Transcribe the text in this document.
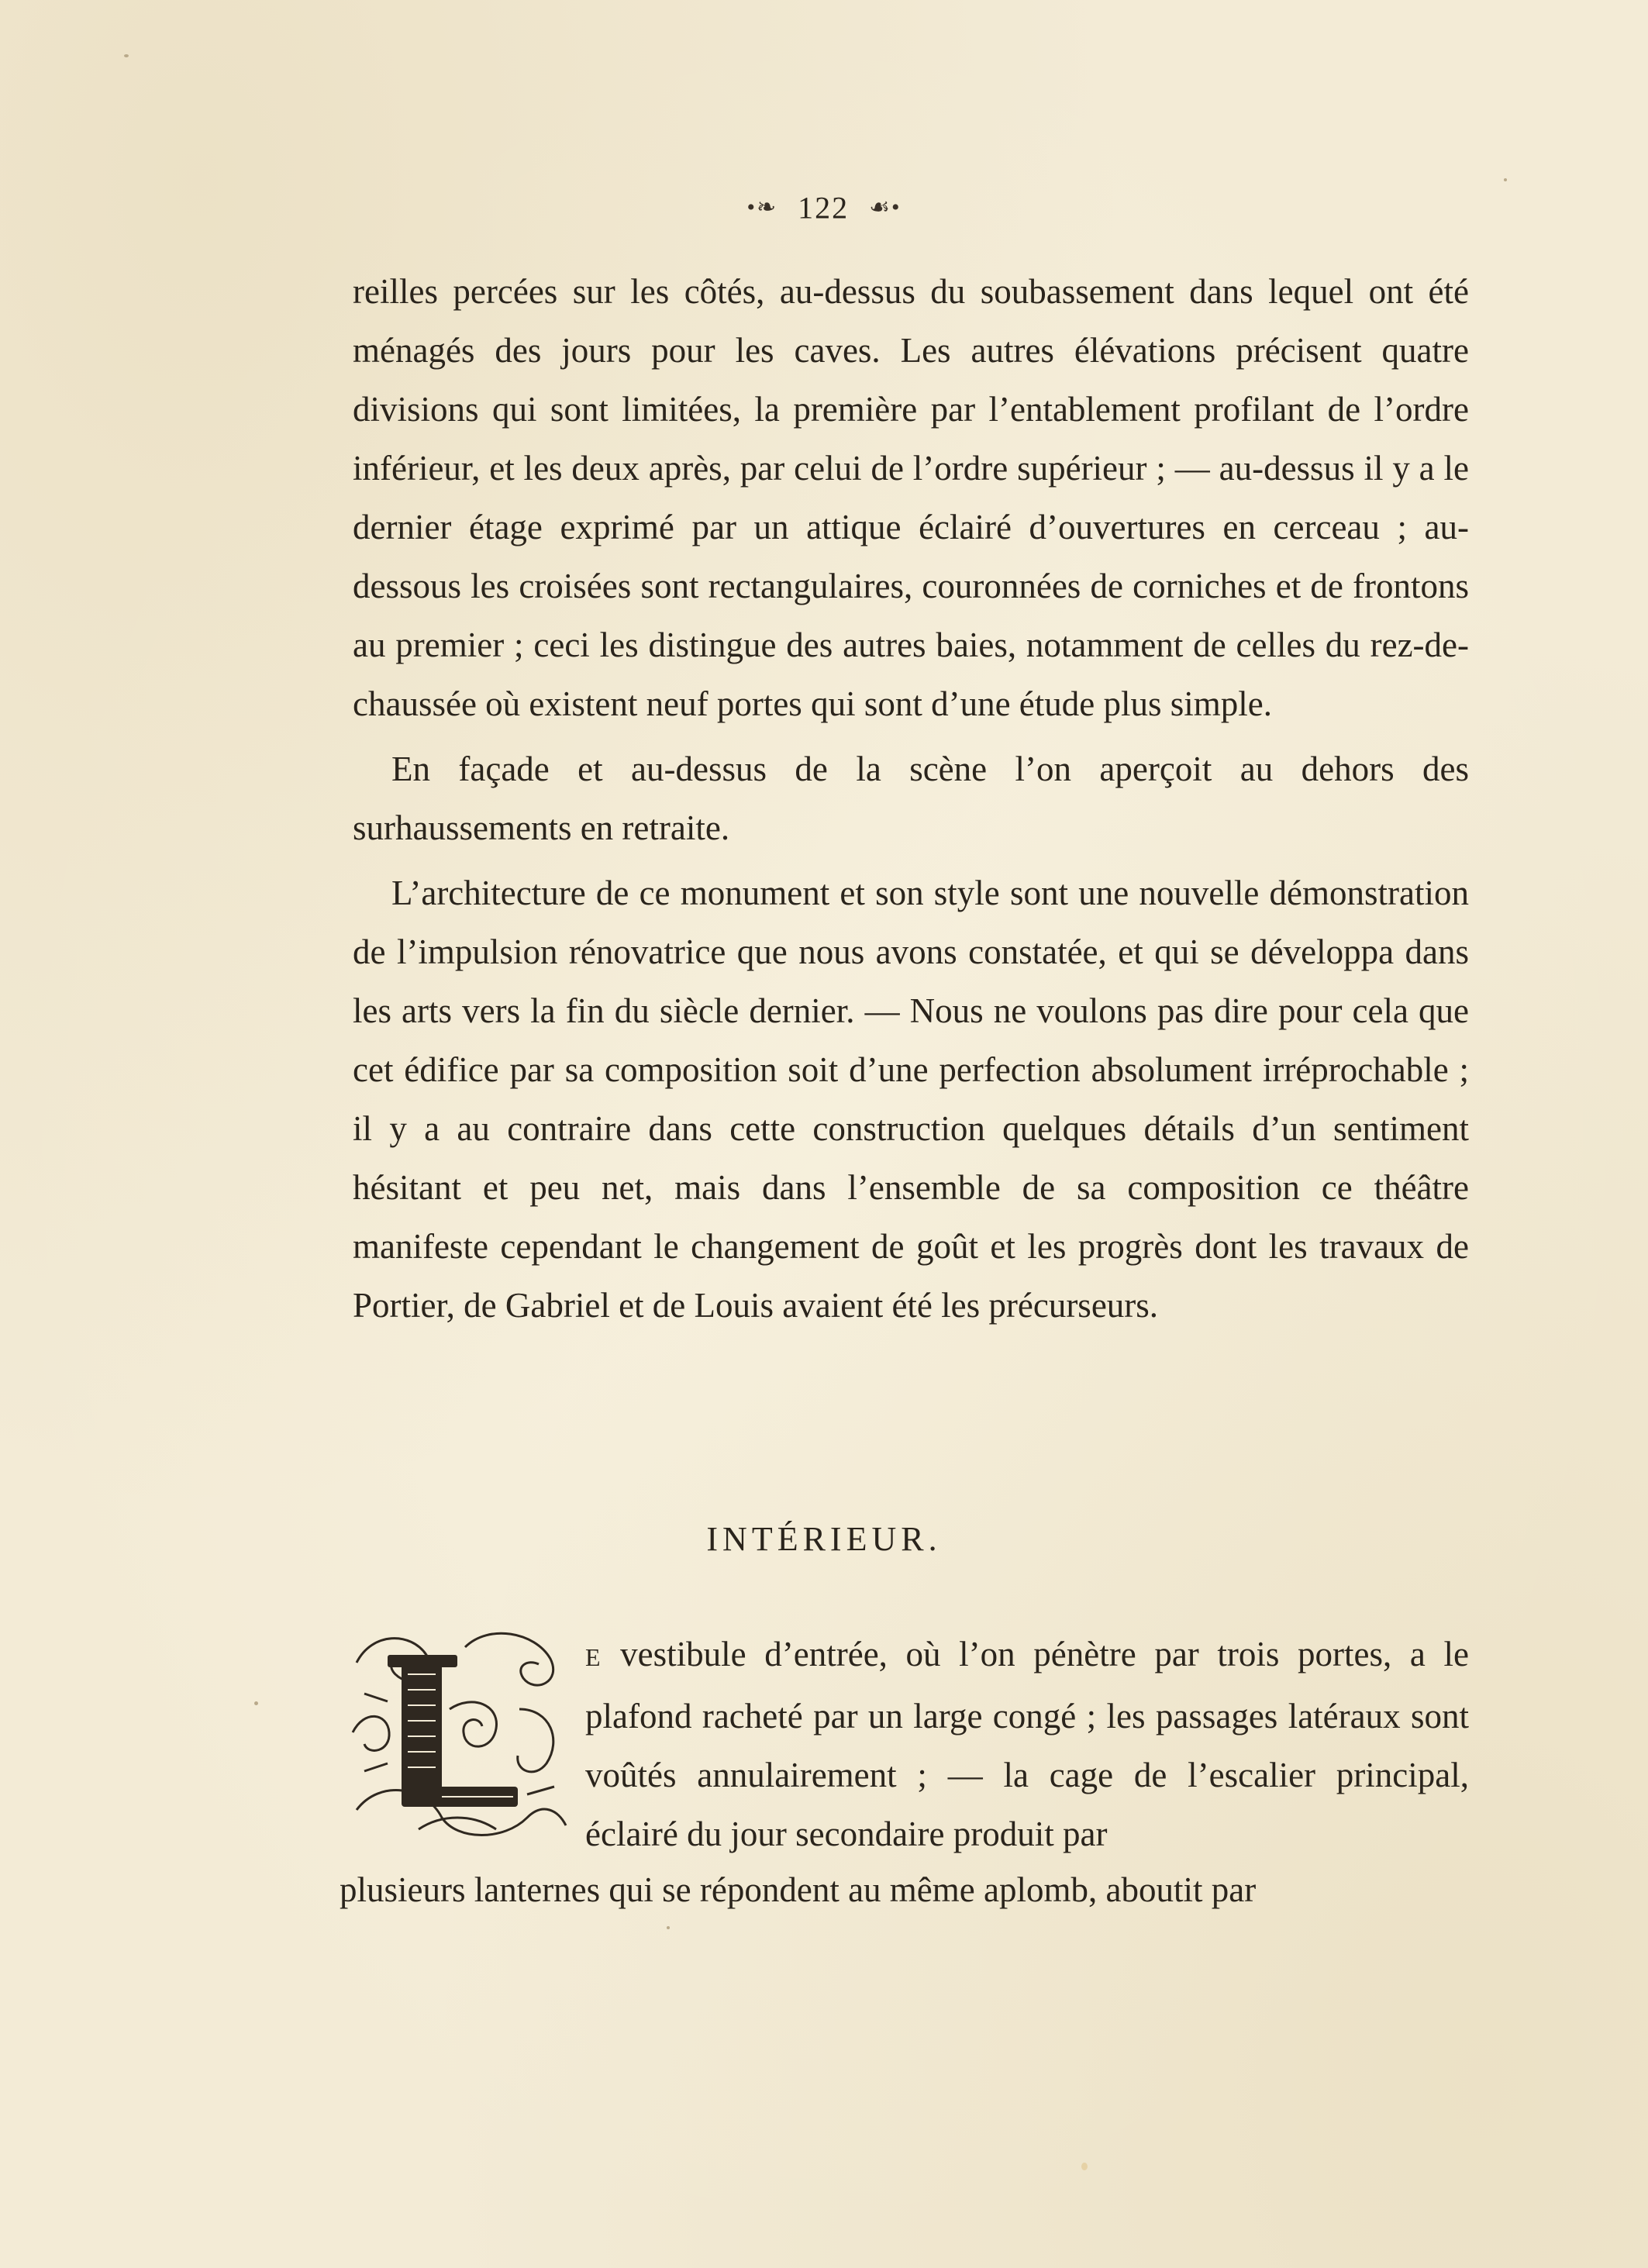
•❧ 122 ☙•

reilles percées sur les côtés, au-dessus du soubassement dans lequel ont été ménagés des jours pour les caves. Les autres élévations précisent quatre divisions qui sont limitées, la première par l’entablement profilant de l’ordre inférieur, et les deux après, par celui de l’ordre supérieur ; — au-dessus il y a le dernier étage exprimé par un attique éclairé d’ouvertures en cerceau ; au-dessous les croisées sont rectangulaires, couronnées de corniches et de frontons au premier ; ceci les distingue des autres baies, notamment de celles du rez-de-chaussée où existent neuf portes qui sont d’une étude plus simple.

En façade et au-dessus de la scène l’on aperçoit au dehors des surhaussements en retraite.

L’architecture de ce monument et son style sont une nouvelle démonstration de l’impulsion rénovatrice que nous avons constatée, et qui se développa dans les arts vers la fin du siècle dernier. — Nous ne voulons pas dire pour cela que cet édifice par sa composition soit d’une perfection absolument irréprochable ; il y a au contraire dans cette construction quelques détails d’un sentiment hésitant et peu net, mais dans l’ensemble de sa composition ce théâtre manifeste cependant le changement de goût et les progrès dont les travaux de Portier, de Gabriel et de Louis avaient été les précurseurs.

INTÉRIEUR.
E vestibule d’entrée, où l’on pénètre par trois portes, a le plafond racheté par un large congé ; les passages latéraux sont voûtés annulairement ; — la cage de l’escalier principal, éclairé du jour secondaire produit par
plusieurs lanternes qui se répondent au même aplomb, aboutit par
